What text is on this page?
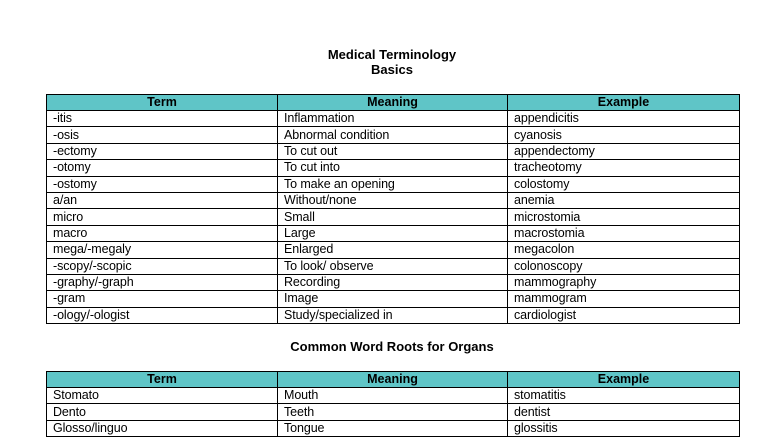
Medical Terminology
Basics
Term	Meaning	Example
-itis	Inflammation	appendicitis
-osis	Abnormal condition	cyanosis
-ectomy	To cut out	appendectomy
-otomy	To cut into	tracheotomy
-ostomy	To make an opening	colostomy
a/an	Without/none	anemia
micro	Small	microstomia
macro	Large	macrostomia
mega/-megaly	Enlarged	megacolon
-scopy/-scopic	To look/ observe	colonoscopy
-graphy/-graph	Recording	mammography
-gram	Image	mammogram
-ology/-ologist	Study/specialized in	cardiologist
Common Word Roots for Organs
Term	Meaning	Example
Stomato	Mouth	stomatitis
Dento	Teeth	dentist
Glosso/linguo	Tongue	glossitis
